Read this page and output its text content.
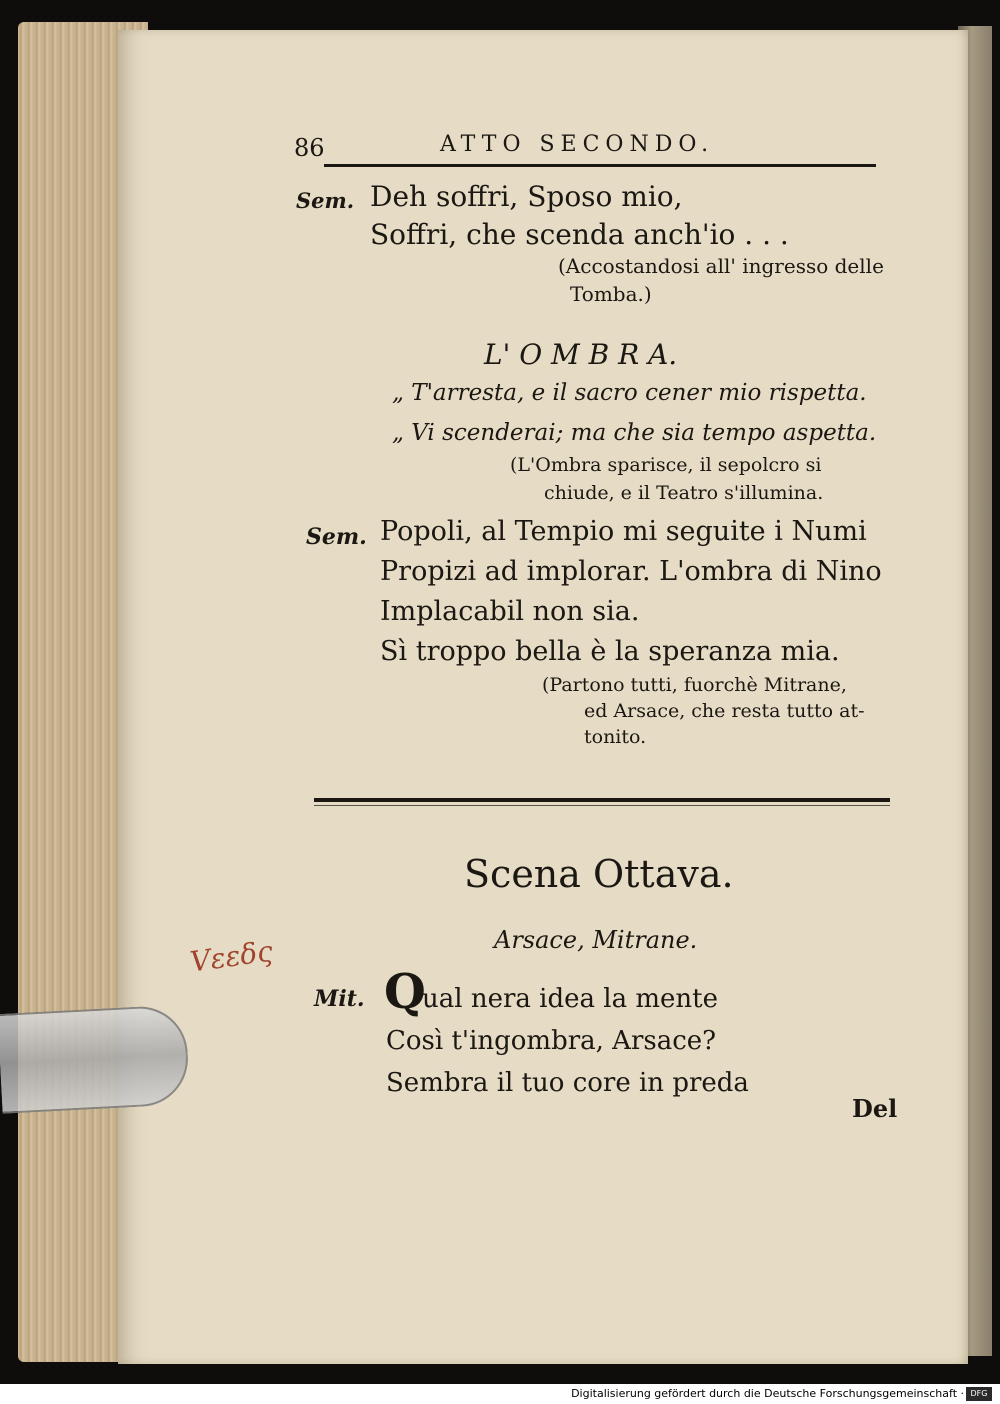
86	ATTO SECONDO.
Sem. Deh soffri, Sposo mio,
Soffri, che scenda anch'io . . .
(Accostandosi all' ingresso delle
Tomba.)
L' O M B R A.
„ T'arresta, e il sacro cener mio rispetta.
„ Vi scenderai; ma che sia tempo aspetta.
(L'Ombra sparisce, il sepolcro si
chiude, e il Teatro s'illumina.
Sem. Popoli, al Tempio mi seguite i Numi
Propizi ad implorar. L'ombra di Nino
Implacabil non sia.
Sì troppo bella è la speranza mia.
(Partono tutti, fuorchè Mitrane,
ed Arsace, che resta tutto at-
tonito.
Scena Ottava.
Arsace, Mitrane.
Mit. Q
ual nera idea la mente
Così t'ingombra, Arsace?
Sembra il tuo core in preda
Del
Vεεδς
Digitalisierung gefördert durch die Deutsche Forschungsgemeinschaft · DFG
